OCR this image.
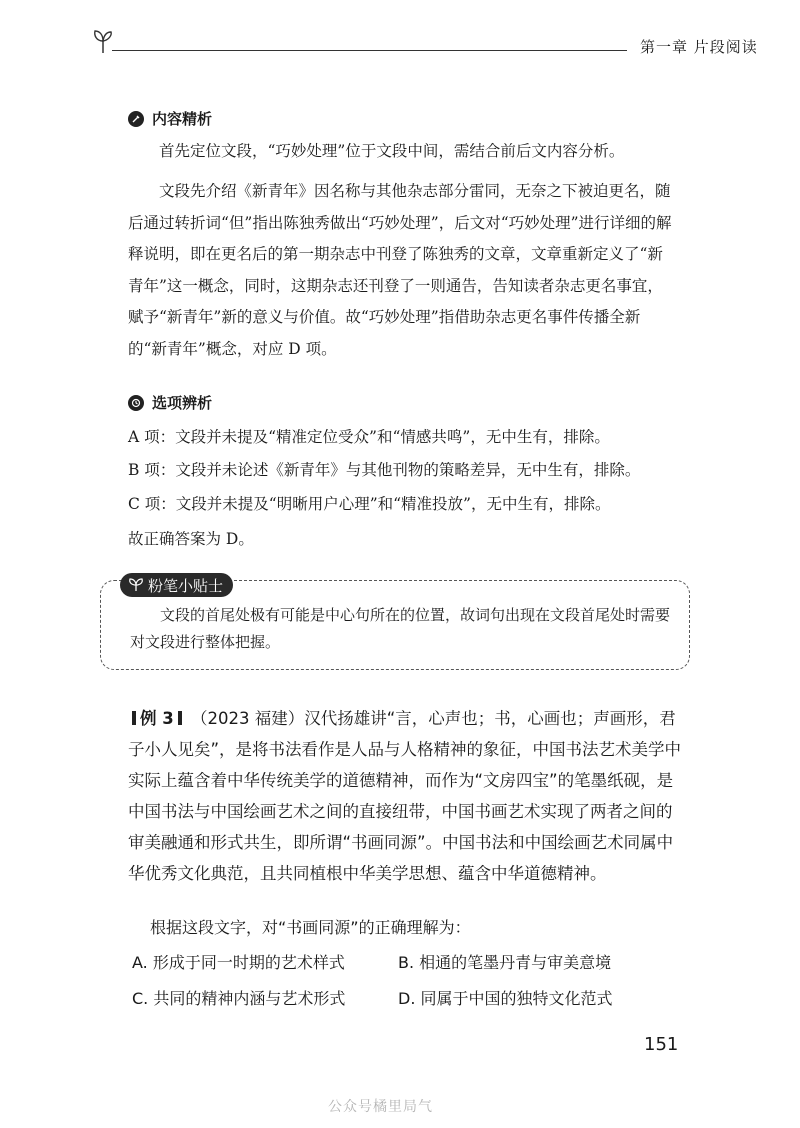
第一章 片段阅读
内容精析

首先定位文段，“巧妙处理”位于文段中间，需结合前后文内容分析。

文段先介绍《新青年》因名称与其他杂志部分雷同，无奈之下被迫更名，随后通过转折词“但”指出陈独秀做出“巧妙处理”，后文对“巧妙处理”进行详细的解释说明，即在更名后的第一期杂志中刊登了陈独秀的文章，文章重新定义了“新青年”这一概念，同时，这期杂志还刊登了一则通告，告知读者杂志更名事宜，赋予“新青年”新的意义与价值。故“巧妙处理”指借助杂志更名事件传播全新的“新青年”概念，对应 D 项。

选项辨析

A 项：文段并未提及“精准定位受众”和“情感共鸣”，无中生有，排除。

B 项：文段并未论述《新青年》与其他刊物的策略差异，无中生有，排除。

C 项：文段并未提及“明晰用户心理”和“精准投放”，无中生有，排除。

故正确答案为 D。

粉笔小贴士

文段的首尾处极有可能是中心句所在的位置，故词句出现在文段首尾处时需要对文段进行整体把握。

例 3 （2023 福建）汉代扬雄讲“言，心声也；书，心画也；声画形，君子小人见矣”，是将书法看作是人品与人格精神的象征，中国书法艺术美学中实际上蕴含着中华传统美学的道德精神，而作为“文房四宝”的笔墨纸砚，是中国书法与中国绘画艺术之间的直接纽带，中国书画艺术实现了两者之间的审美融通和形式共生，即所谓“书画同源”。中国书法和中国绘画艺术同属中华优秀文化典范，且共同植根中华美学思想、蕴含中华道德精神。

根据这段文字，对“书画同源”的正确理解为：

A. 形成于同一时期的艺术样式	B. 相通的笔墨丹青与审美意境

C. 共同的精神内涵与艺术形式	D. 同属于中国的独特文化范式

151
公众号橘里局气
